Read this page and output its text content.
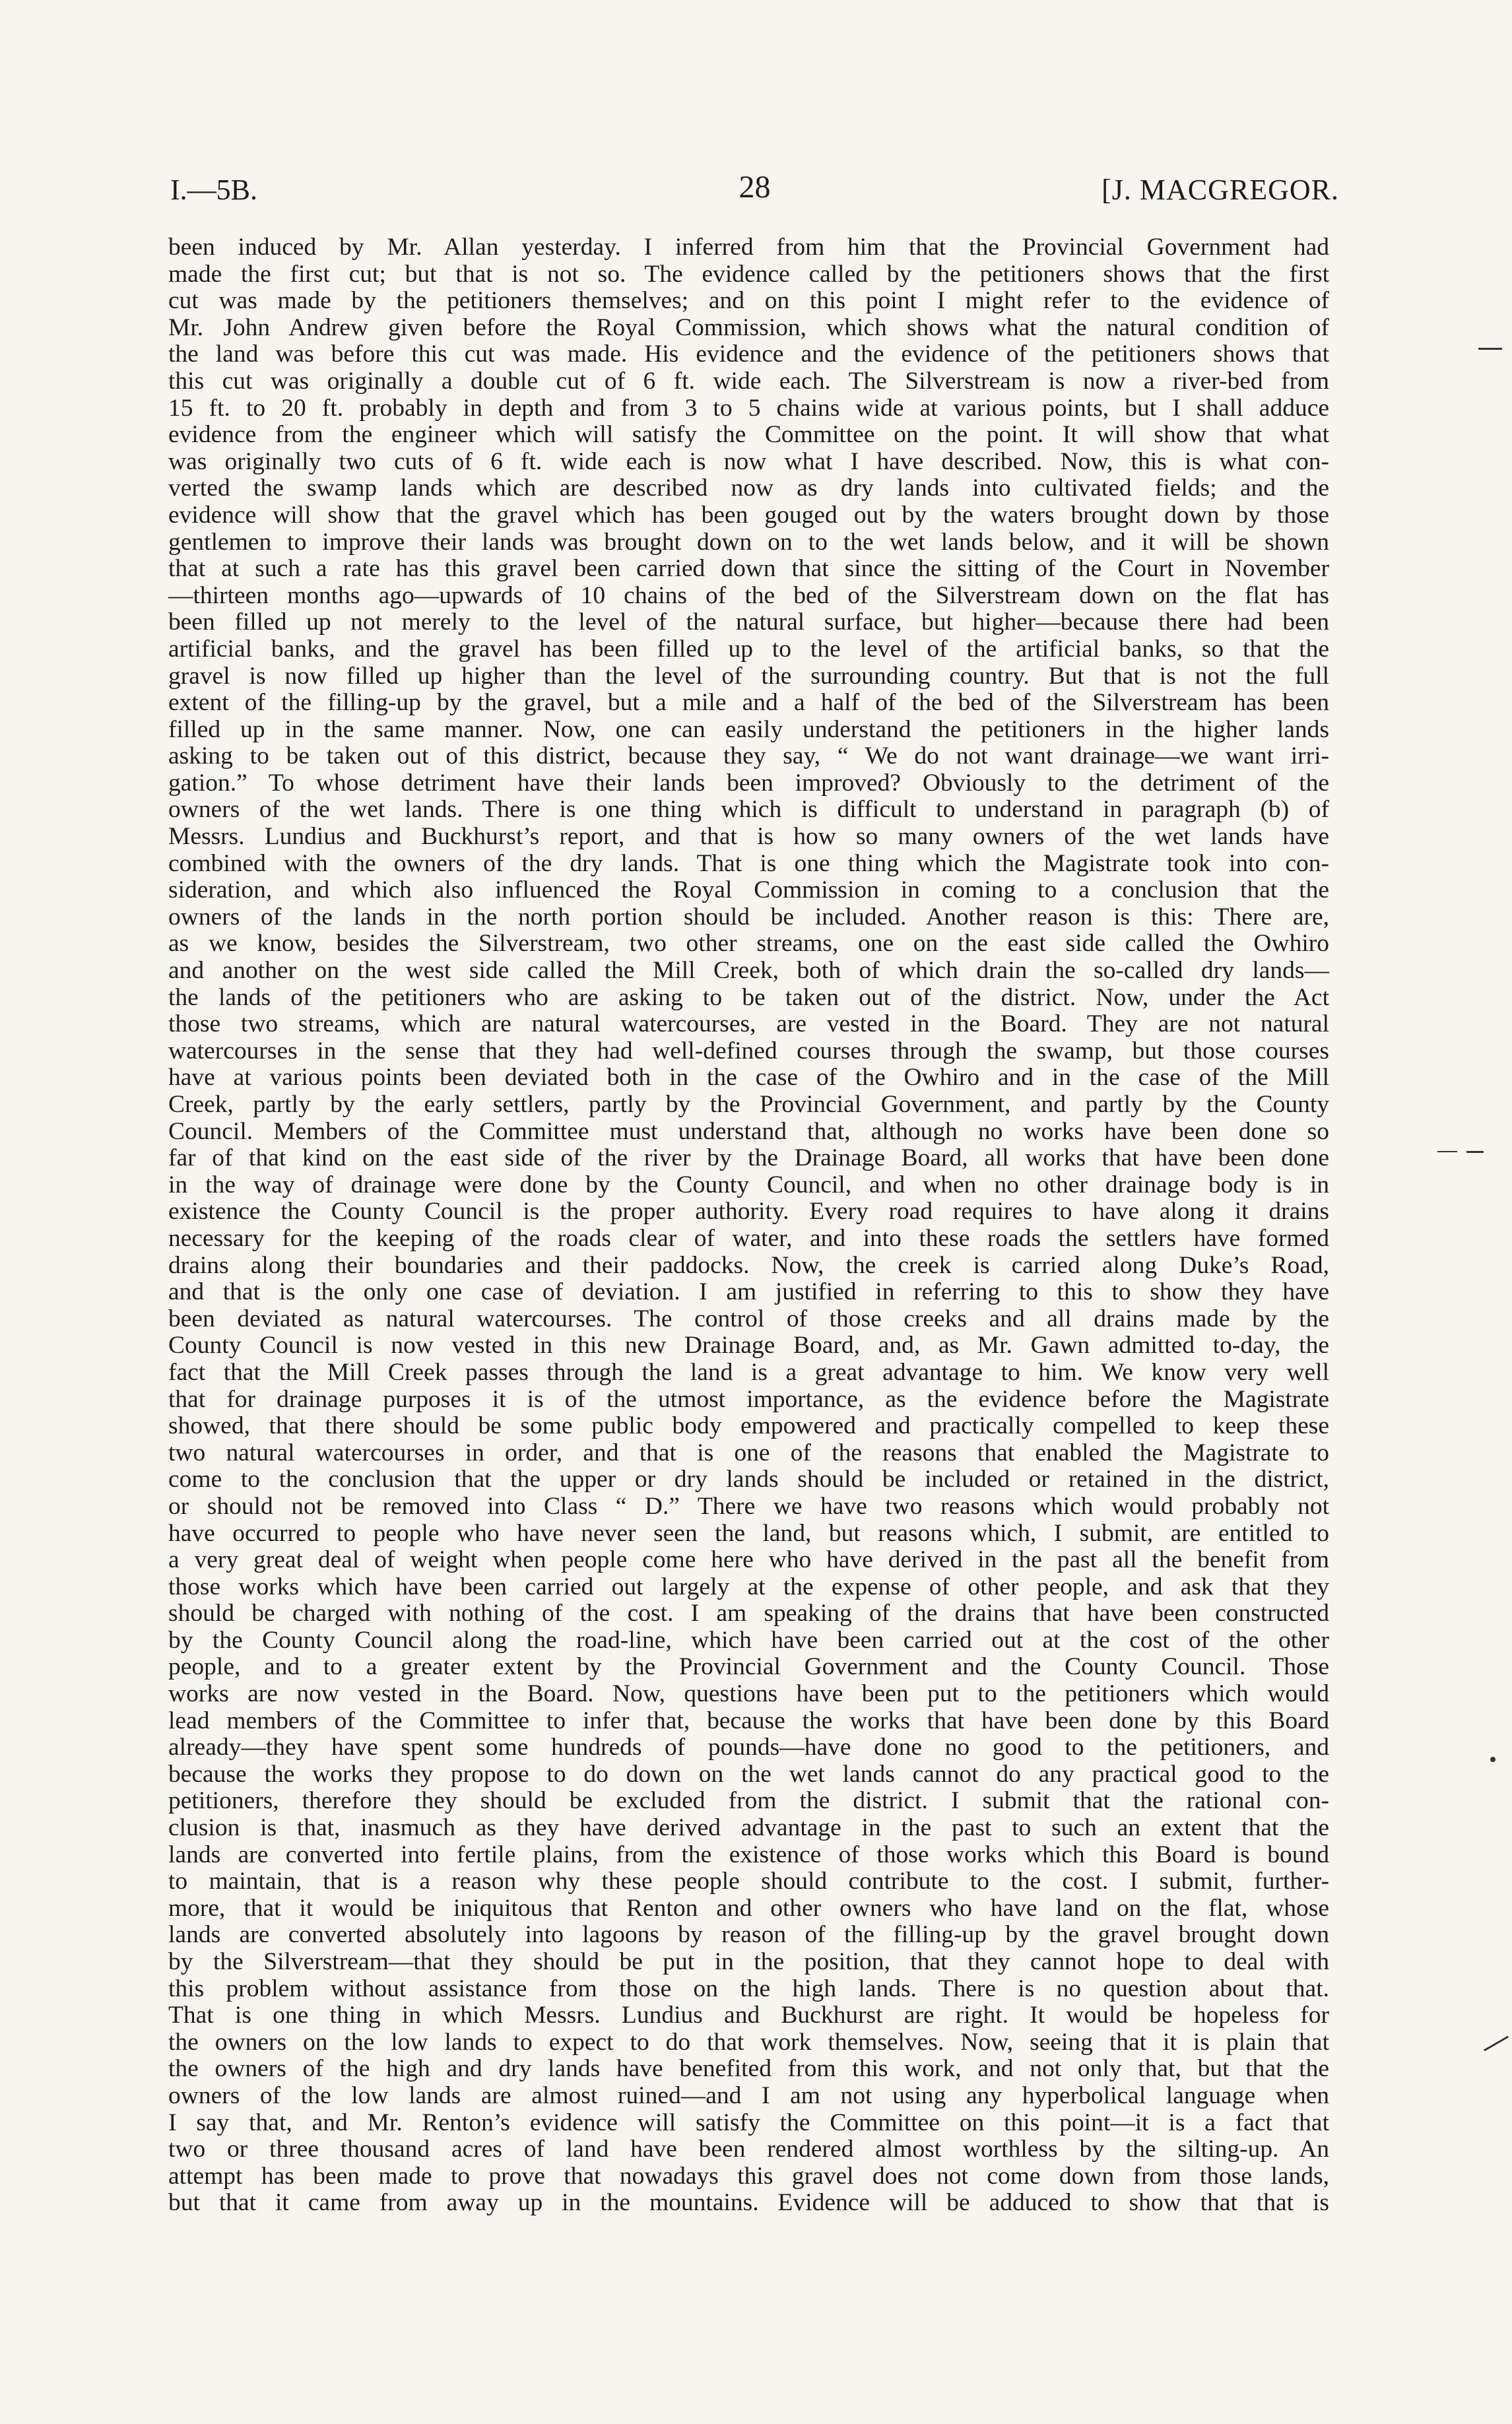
I.—5B.	28	[J. MACGREGOR.
been induced by Mr. Allan yesterday. I inferred from him that the Provincial Government had
made the first cut; but that is not so. The evidence called by the petitioners shows that the first
cut was made by the petitioners themselves; and on this point I might refer to the evidence of
Mr. John Andrew given before the Royal Commission, which shows what the natural condition of
the land was before this cut was made. His evidence and the evidence of the petitioners shows that
this cut was originally a double cut of 6 ft. wide each. The Silverstream is now a river-bed from
15 ft. to 20 ft. probably in depth and from 3 to 5 chains wide at various points, but I shall adduce
evidence from the engineer which will satisfy the Committee on the point. It will show that what
was originally two cuts of 6 ft. wide each is now what I have described. Now, this is what con-
verted the swamp lands which are described now as dry lands into cultivated fields; and the
evidence will show that the gravel which has been gouged out by the waters brought down by those
gentlemen to improve their lands was brought down on to the wet lands below, and it will be shown
that at such a rate has this gravel been carried down that since the sitting of the Court in November
—thirteen months ago—upwards of 10 chains of the bed of the Silverstream down on the flat has
been filled up not merely to the level of the natural surface, but higher—because there had been
artificial banks, and the gravel has been filled up to the level of the artificial banks, so that the
gravel is now filled up higher than the level of the surrounding country. But that is not the full
extent of the filling-up by the gravel, but a mile and a half of the bed of the Silverstream has been
filled up in the same manner. Now, one can easily understand the petitioners in the higher lands
asking to be taken out of this district, because they say, “ We do not want drainage—we want irri-
gation.” To whose detriment have their lands been improved? Obviously to the detriment of the
owners of the wet lands. There is one thing which is difficult to understand in paragraph (b) of
Messrs. Lundius and Buckhurst’s report, and that is how so many owners of the wet lands have
combined with the owners of the dry lands. That is one thing which the Magistrate took into con-
sideration, and which also influenced the Royal Commission in coming to a conclusion that the
owners of the lands in the north portion should be included. Another reason is this: There are,
as we know, besides the Silverstream, two other streams, one on the east side called the Owhiro
and another on the west side called the Mill Creek, both of which drain the so-called dry lands—
the lands of the petitioners who are asking to be taken out of the district. Now, under the Act
those two streams, which are natural watercourses, are vested in the Board. They are not natural
watercourses in the sense that they had well-defined courses through the swamp, but those courses
have at various points been deviated both in the case of the Owhiro and in the case of the Mill
Creek, partly by the early settlers, partly by the Provincial Government, and partly by the County
Council. Members of the Committee must understand that, although no works have been done so
far of that kind on the east side of the river by the Drainage Board, all works that have been done
in the way of drainage were done by the County Council, and when no other drainage body is in
existence the County Council is the proper authority. Every road requires to have along it drains
necessary for the keeping of the roads clear of water, and into these roads the settlers have formed
drains along their boundaries and their paddocks. Now, the creek is carried along Duke’s Road,
and that is the only one case of deviation. I am justified in referring to this to show they have
been deviated as natural watercourses. The control of those creeks and all drains made by the
County Council is now vested in this new Drainage Board, and, as Mr. Gawn admitted to-day, the
fact that the Mill Creek passes through the land is a great advantage to him. We know very well
that for drainage purposes it is of the utmost importance, as the evidence before the Magistrate
showed, that there should be some public body empowered and practically compelled to keep these
two natural watercourses in order, and that is one of the reasons that enabled the Magistrate to
come to the conclusion that the upper or dry lands should be included or retained in the district,
or should not be removed into Class “ D.” There we have two reasons which would probably not
have occurred to people who have never seen the land, but reasons which, I submit, are entitled to
a very great deal of weight when people come here who have derived in the past all the benefit from
those works which have been carried out largely at the expense of other people, and ask that they
should be charged with nothing of the cost. I am speaking of the drains that have been constructed
by the County Council along the road-line, which have been carried out at the cost of the other
people, and to a greater extent by the Provincial Government and the County Council. Those
works are now vested in the Board. Now, questions have been put to the petitioners which would
lead members of the Committee to infer that, because the works that have been done by this Board
already—they have spent some hundreds of pounds—have done no good to the petitioners, and
because the works they propose to do down on the wet lands cannot do any practical good to the
petitioners, therefore they should be excluded from the district. I submit that the rational con-
clusion is that, inasmuch as they have derived advantage in the past to such an extent that the
lands are converted into fertile plains, from the existence of those works which this Board is bound
to maintain, that is a reason why these people should contribute to the cost. I submit, further-
more, that it would be iniquitous that Renton and other owners who have land on the flat, whose
lands are converted absolutely into lagoons by reason of the filling-up by the gravel brought down
by the Silverstream—that they should be put in the position, that they cannot hope to deal with
this problem without assistance from those on the high lands. There is no question about that.
That is one thing in which Messrs. Lundius and Buckhurst are right. It would be hopeless for
the owners on the low lands to expect to do that work themselves. Now, seeing that it is plain that
the owners of the high and dry lands have benefited from this work, and not only that, but that the
owners of the low lands are almost ruined—and I am not using any hyperbolical language when
I say that, and Mr. Renton’s evidence will satisfy the Committee on this point—it is a fact that
two or three thousand acres of land have been rendered almost worthless by the silting-up. An
attempt has been made to prove that nowadays this gravel does not come down from those lands,
but that it came from away up in the mountains. Evidence will be adduced to show that that is
